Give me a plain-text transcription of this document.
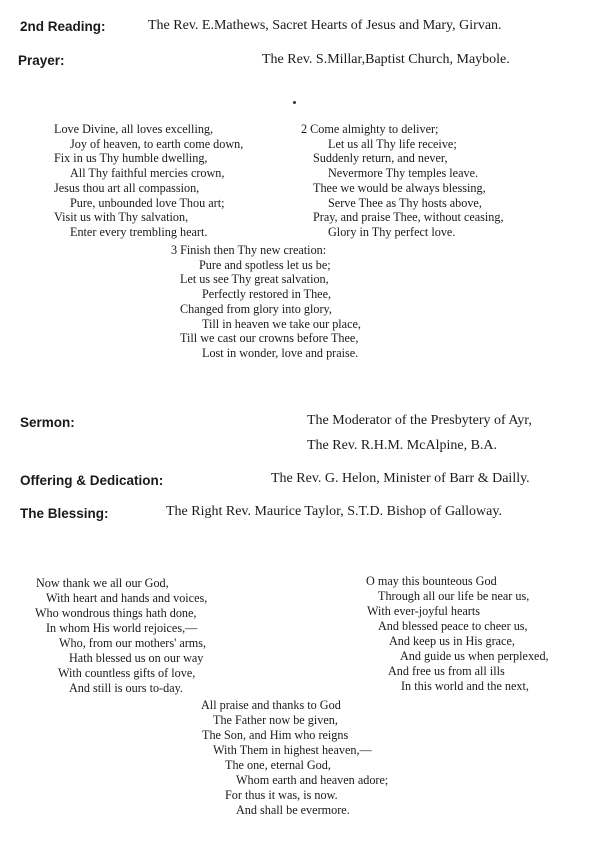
2nd Reading:	The Rev. E.Mathews, Sacret Hearts of Jesus and Mary, Girvan.
Prayer:	The Rev. S.Millar,Baptist Church, Maybole.
Love Divine, all loves excelling,
Joy of heaven, to earth come down,
Fix in us Thy humble dwelling,
All Thy faithful mercies crown,
Jesus thou art all compassion,
Pure, unbounded love Thou art;
Visit us with Thy salvation,
Enter every trembling heart.
2 Come almighty to deliver;
Let us all Thy life receive;
Suddenly return, and never,
Nevermore Thy temples leave.
Thee we would be always blessing,
Serve Thee as Thy hosts above,
Pray, and praise Thee, without ceasing,
Glory in Thy perfect love.
3 Finish then Thy new creation:
Pure and spotless let us be;
Let us see Thy great salvation,
Perfectly restored in Thee,
Changed from glory into glory,
Till in heaven we take our place,
Till we cast our crowns before Thee,
Lost in wonder, love and praise.
Sermon:	The Moderator of the Presbytery of Ayr,
The Rev. R.H.M. McAlpine, B.A.
Offering & Dedication:	The Rev. G. Helon, Minister of Barr & Dailly.
The Blessing:	The Right Rev. Maurice Taylor, S.T.D. Bishop of Galloway.
Now thank we all our God,
With heart and hands and voices,
Who wondrous things hath done,
In whom His world rejoices,—
Who, from our mothers' arms,
Hath blessed us on our way
With countless gifts of love,
And still is ours to-day.
O may this bounteous God
Through all our life be near us,
With ever-joyful hearts
And blessed peace to cheer us,
And keep us in His grace,
And guide us when perplexed,
And free us from all ills
In this world and the next,
All praise and thanks to God
The Father now be given,
The Son, and Him who reigns
With Them in highest heaven,—
The one, eternal God,
Whom earth and heaven adore;
For thus it was, is now.
And shall be evermore.
